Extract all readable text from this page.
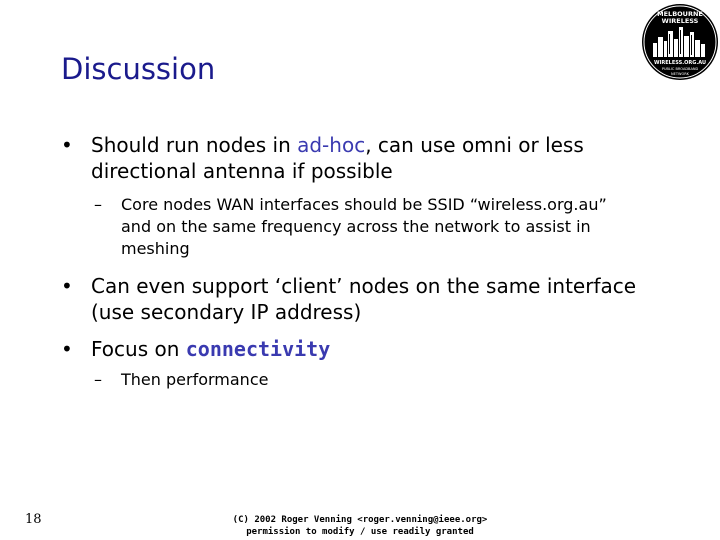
Discussion
MELBOURNE
WIRELESS
WIRELESS.ORG.AU
PUBLIC BROADBAND
NETWORK
• Should run nodes in ad-hoc, can use omni or less directional antenna if possible
– Core nodes WAN interfaces should be SSID “wireless.org.au” and on the same frequency across the network to assist in meshing
• Can even support ‘client’ nodes on the same interface (use secondary IP address)
• Focus on connectivity
– Then performance
18	(C) 2002 Roger Venning <roger.venning@ieee.org>
permission to modify / use readily granted
